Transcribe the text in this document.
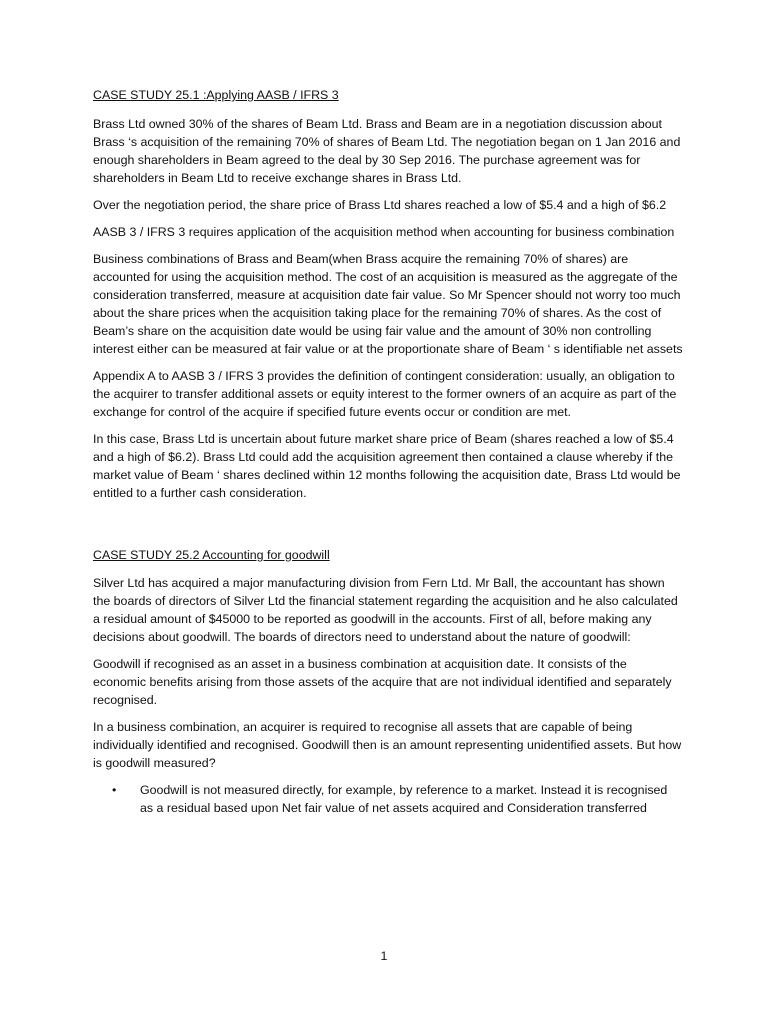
CASE STUDY 25.1 :Applying AASB / IFRS 3

Brass Ltd owned 30% of the shares of Beam Ltd. Brass and Beam are in a negotiation discussion about Brass ‘s acquisition of the remaining 70% of shares of Beam Ltd. The negotiation began on 1 Jan 2016 and enough shareholders in Beam agreed to the deal by 30 Sep 2016. The purchase agreement was for shareholders in Beam Ltd to receive exchange shares in Brass Ltd.

Over the negotiation period, the share price of Brass Ltd shares reached a low of $5.4 and a high of $6.2

AASB 3 / IFRS 3 requires application of the acquisition method when accounting for business combination

Business combinations of Brass and Beam(when Brass acquire the remaining 70% of shares) are accounted for using the acquisition method. The cost of an acquisition is measured as the aggregate of the consideration transferred, measure at acquisition date fair value. So Mr Spencer should not worry too much about the share prices when the acquisition taking place for the remaining 70% of shares. As the cost of Beam’s share on the acquisition date would be using fair value and the amount of 30% non controlling interest either can be measured at fair value or at the proportionate share of Beam ‘ s identifiable net assets

Appendix A to AASB 3 / IFRS 3 provides the definition of contingent consideration: usually, an obligation to the acquirer to transfer additional assets or equity interest to the former owners of an acquire as part of the exchange for control of the acquire if specified future events occur or condition are met.

In this case, Brass Ltd is uncertain about future market share price of Beam (shares reached a low of $5.4 and a high of $6.2). Brass Ltd could add the acquisition agreement then contained a clause whereby if the market value of Beam ‘ shares declined within 12 months following the acquisition date, Brass Ltd would be entitled to a further cash consideration.

CASE STUDY 25.2 Accounting for goodwill

Silver Ltd has acquired a major manufacturing division from Fern Ltd. Mr Ball, the accountant has shown the boards of directors of Silver Ltd the financial statement regarding the acquisition and he also calculated a residual amount of $45000 to be reported as goodwill in the accounts. First of all, before making any decisions about goodwill. The boards of directors need to understand about the nature of goodwill:

Goodwill if recognised as an asset in a business combination at acquisition date. It consists of the economic benefits arising from those assets of the acquire that are not individual identified and separately recognised.

In a business combination, an acquirer is required to recognise all assets that are capable of being individually identified and recognised. Goodwill then is an amount representing unidentified assets. But how is goodwill measured?

• Goodwill is not measured directly, for example, by reference to a market. Instead it is recognised as a residual based upon Net fair value of net assets acquired and Consideration transferred
1
